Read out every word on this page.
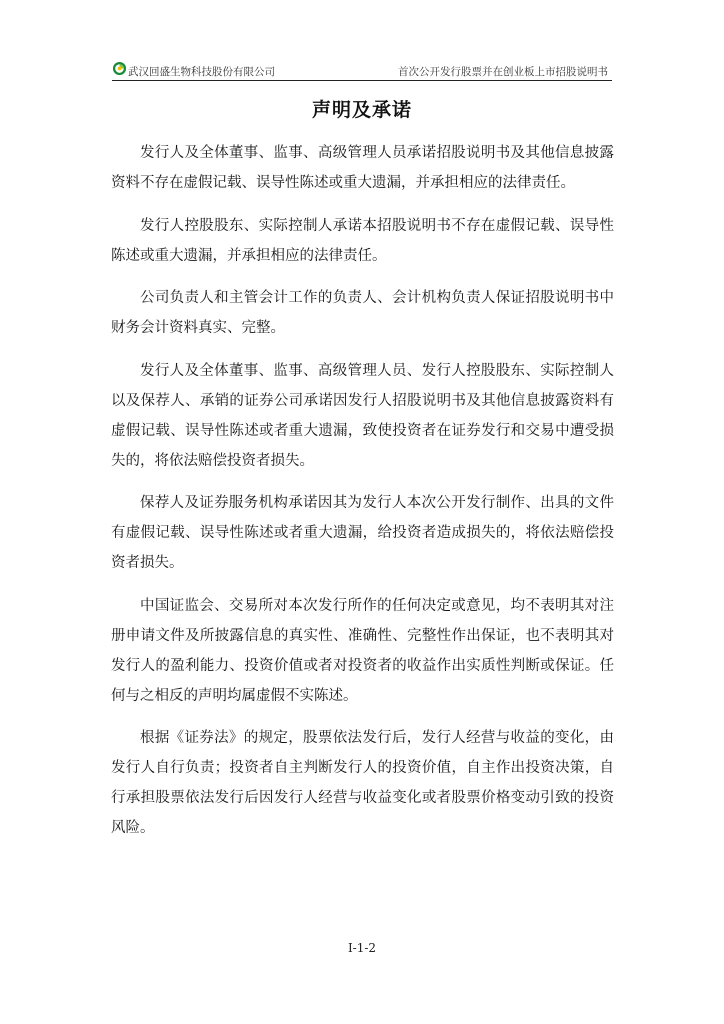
武汉回盛生物科技股份有限公司	首次公开发行股票并在创业板上市招股说明书
声明及承诺

发行人及全体董事、监事、高级管理人员承诺招股说明书及其他信息披露资料不存在虚假记载、误导性陈述或重大遗漏，并承担相应的法律责任。

发行人控股股东、实际控制人承诺本招股说明书不存在虚假记载、误导性陈述或重大遗漏，并承担相应的法律责任。

公司负责人和主管会计工作的负责人、会计机构负责人保证招股说明书中财务会计资料真实、完整。

发行人及全体董事、监事、高级管理人员、发行人控股股东、实际控制人以及保荐人、承销的证券公司承诺因发行人招股说明书及其他信息披露资料有虚假记载、误导性陈述或者重大遗漏，致使投资者在证券发行和交易中遭受损失的，将依法赔偿投资者损失。

保荐人及证券服务机构承诺因其为发行人本次公开发行制作、出具的文件有虚假记载、误导性陈述或者重大遗漏，给投资者造成损失的，将依法赔偿投资者损失。

中国证监会、交易所对本次发行所作的任何决定或意见，均不表明其对注册申请文件及所披露信息的真实性、准确性、完整性作出保证，也不表明其对发行人的盈利能力、投资价值或者对投资者的收益作出实质性判断或保证。任何与之相反的声明均属虚假不实陈述。

根据《证券法》的规定，股票依法发行后，发行人经营与收益的变化，由发行人自行负责；投资者自主判断发行人的投资价值，自主作出投资决策，自行承担股票依法发行后因发行人经营与收益变化或者股票价格变动引致的投资风险。

I-1-2
